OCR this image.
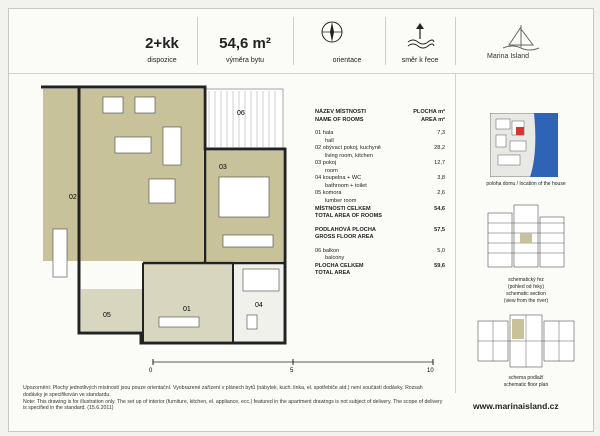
2+kk
dispozice
54,6 m²
výměra bytu	orientace	směr k řece
Marina Island
02
03
01
04
05
06
0	5	10
NÁZEV MÍSTNOSTI	PLOCHA m²
NAME OF ROOMS	AREA m²
01 hala	7,3
hall
02 obývací pokoj, kuchyně	28,2
living room, kitchen
03 pokoj	12,7
room
04 koupelna + WC	3,8
bathroom + toilet
05 komora	2,6
lumber room
MÍSTNOSTI CELKEM	54,6
TOTAL AREA OF ROOMS
PODLAHOVÁ PLOCHA	57,5
GROSS FLOOR AREA
06 balkon	5,0
balcony
PLOCHA CELKEM	59,6
TOTAL AREA
poloha domu / location of the house
schematický řez
(pohled od řeky)
schematic section
(view from the river)
schema podlaží
schematic floor plan
Upozornění: Plochy jednotlivých místností jsou pouze orientační. Vyobrazené zařízení v plánech bytů (nábytek, kuch. linka, el. spotřebiče atd.) není součástí dodávky. Rozsah dodávky je specifikován ve standardu.
Note: This drawing is for illustration only. The set up of interior (furniture, kitchen, el. appliance, ecc.) featured in the apartment drawings is not subject of delivery. The scope of delivery is specified in the standard. (15.6.2011)	www.marinaisland.cz
